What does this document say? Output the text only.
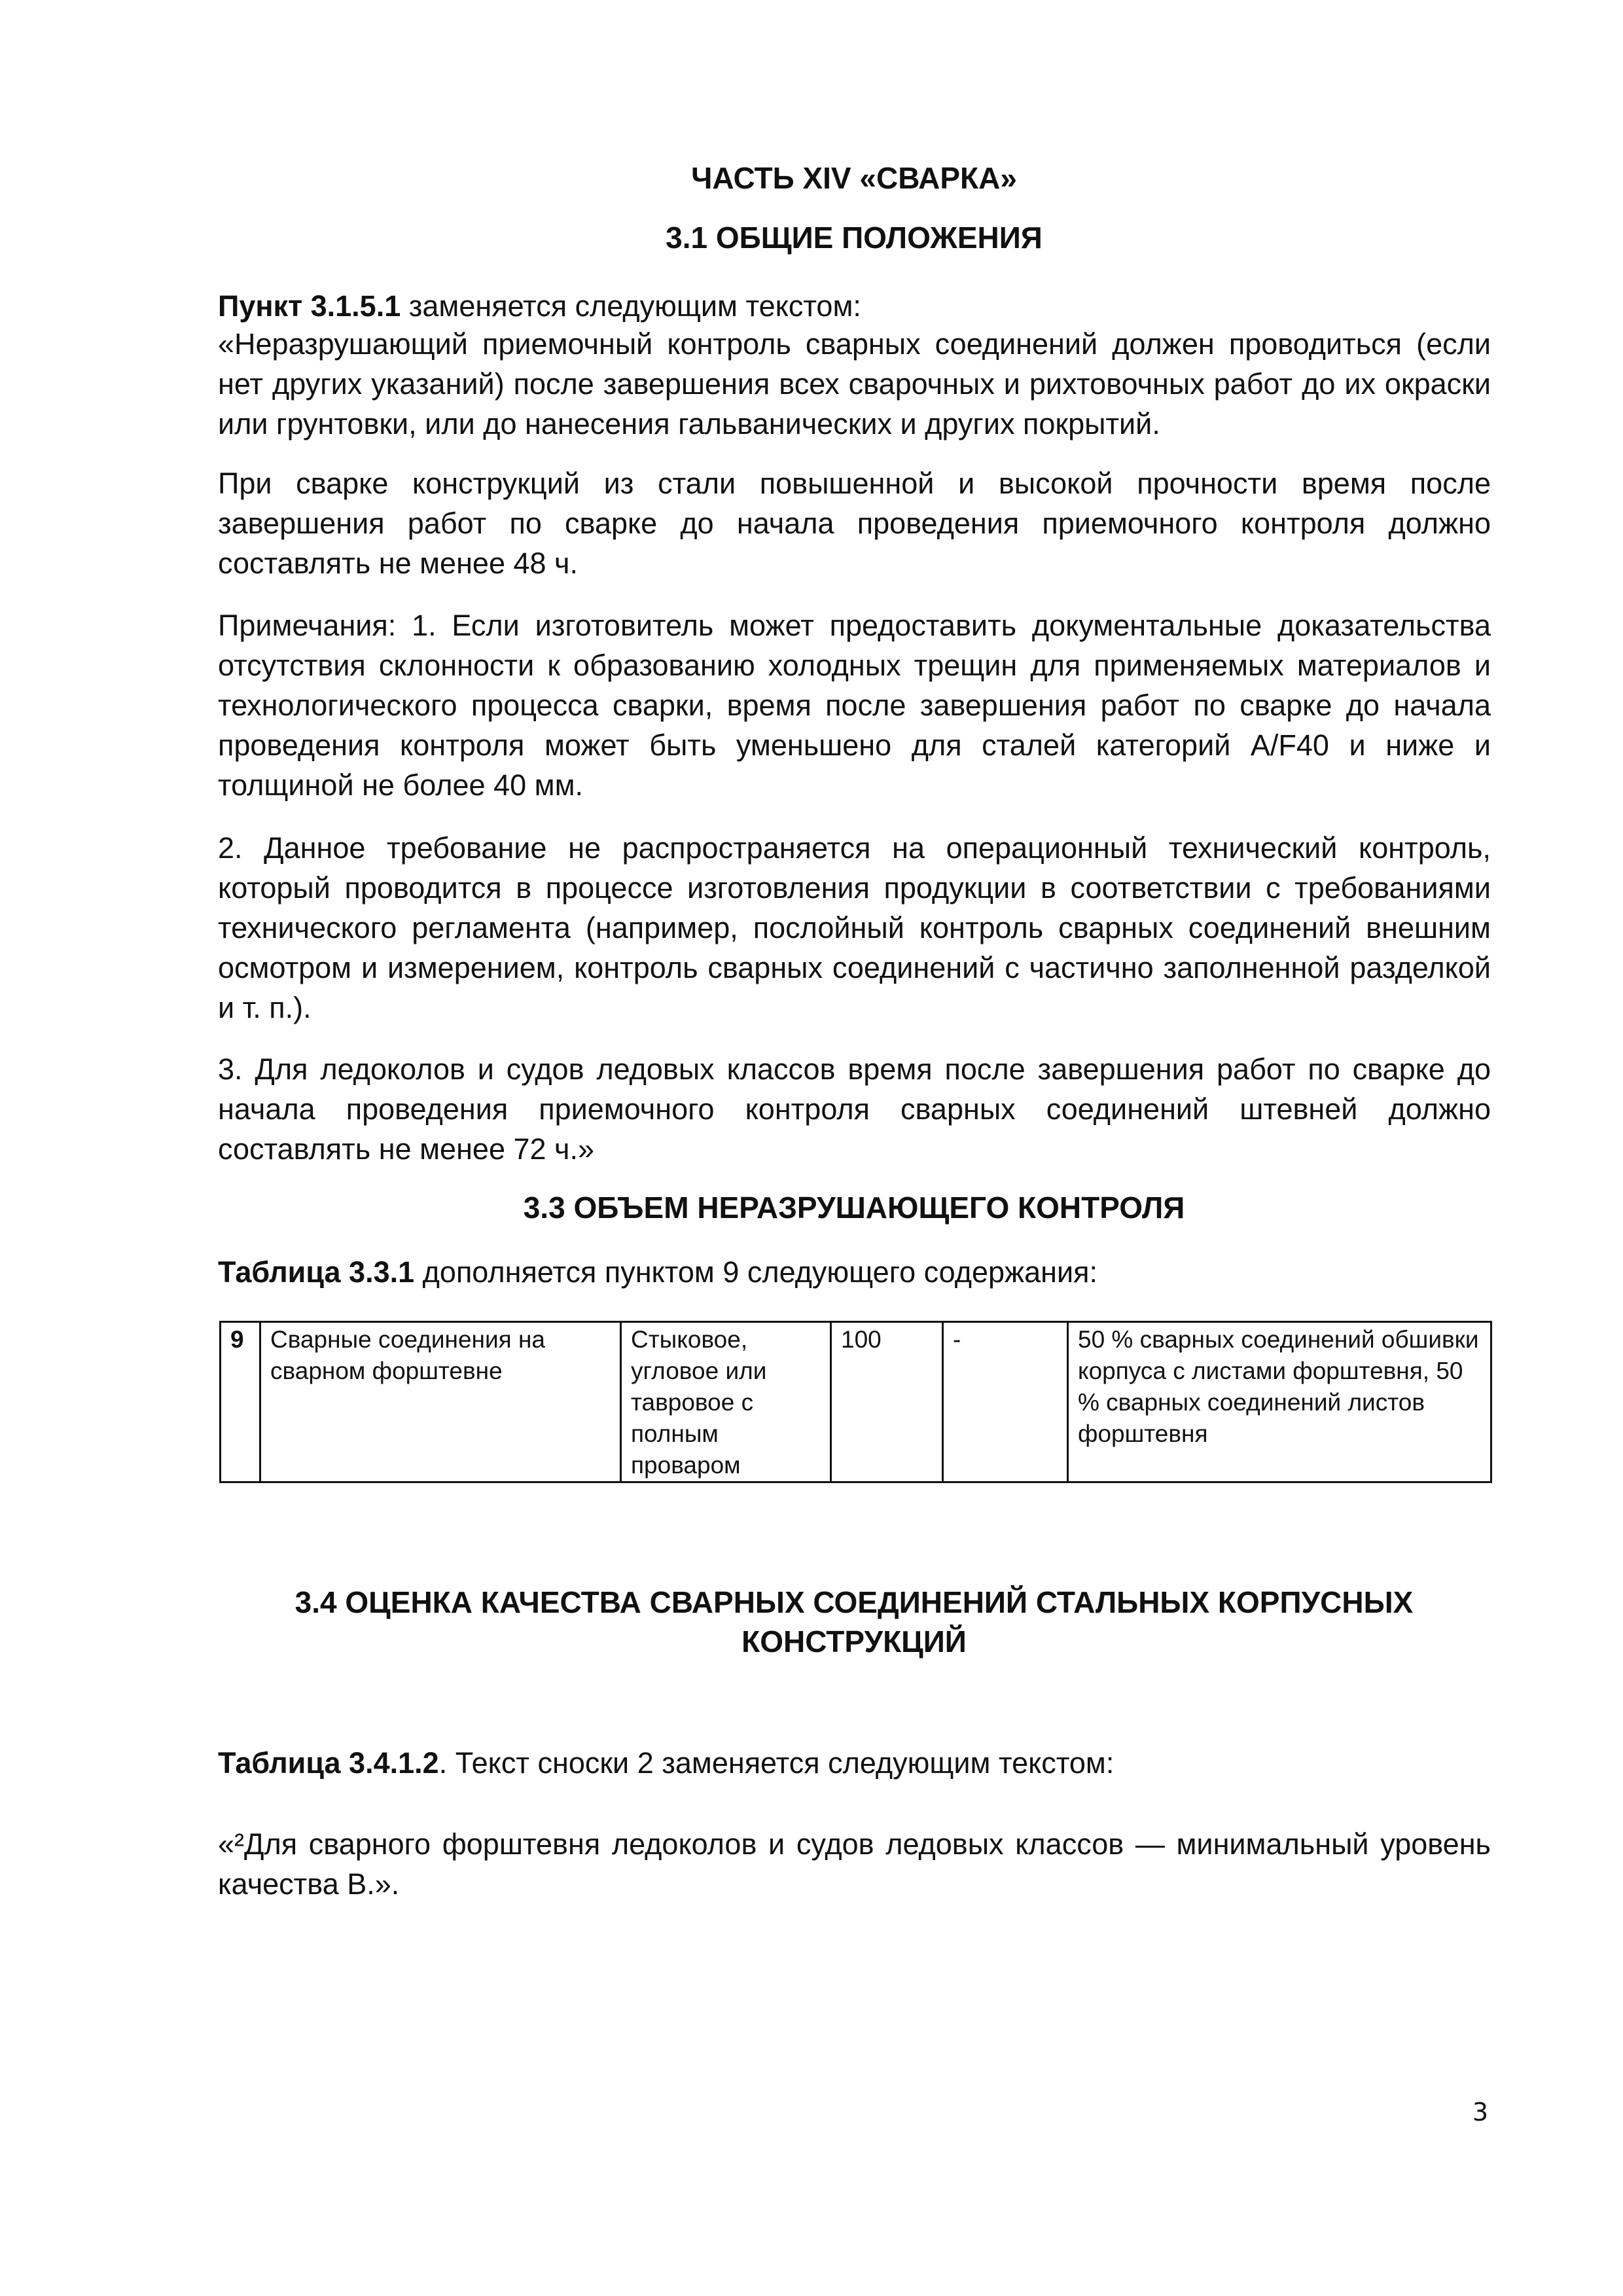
ЧАСТЬ XIV «СВАРКА»
3.1 ОБЩИЕ ПОЛОЖЕНИЯ
Пункт 3.1.5.1 заменяется следующим текстом:
«Неразрушающий приемочный контроль сварных соединений должен проводиться (если нет других указаний) после завершения всех сварочных и рихтовочных работ до их окраски или грунтовки, или до нанесения гальванических и других покрытий.
При сварке конструкций из стали повышенной и высокой прочности время после завершения работ по сварке до начала проведения приемочного контроля должно составлять не менее 48 ч.
Примечания: 1. Если изготовитель может предоставить документальные доказательства отсутствия склонности к образованию холодных трещин для применяемых материалов и технологического процесса сварки, время после завершения работ по сварке до начала проведения контроля может быть уменьшено для сталей категорий A/F40 и ниже и толщиной не более 40 мм.
2. Данное требование не распространяется на операционный технический контроль, который проводится в процессе изготовления продукции в соответствии с требованиями технического регламента (например, послойный контроль сварных соединений внешним осмотром и измерением, контроль сварных соединений с частично заполненной разделкой и т. п.).
3. Для ледоколов и судов ледовых классов время после завершения работ по сварке до начала проведения приемочного контроля сварных соединений штевней должно составлять не менее 72 ч.»
3.3 ОБЪЕМ НЕРАЗРУШАЮЩЕГО КОНТРОЛЯ
Таблица 3.3.1 дополняется пунктом 9 следующего содержания:
9	Сварные соединения на сварном форштевне	Стыковое, угловое или тавровое с полным проваром	100	-	50 % сварных соединений обшивки корпуса с листами форштевня, 50 % сварных соединений листов форштевня
3.4 ОЦЕНКА КАЧЕСТВА СВАРНЫХ СОЕДИНЕНИЙ СТАЛЬНЫХ КОРПУСНЫХ КОНСТРУКЦИЙ
Таблица 3.4.1.2. Текст сноски 2 заменяется следующим текстом:
«²Для сварного форштевня ледоколов и судов ледовых классов — минимальный уровень качества В.».
3
